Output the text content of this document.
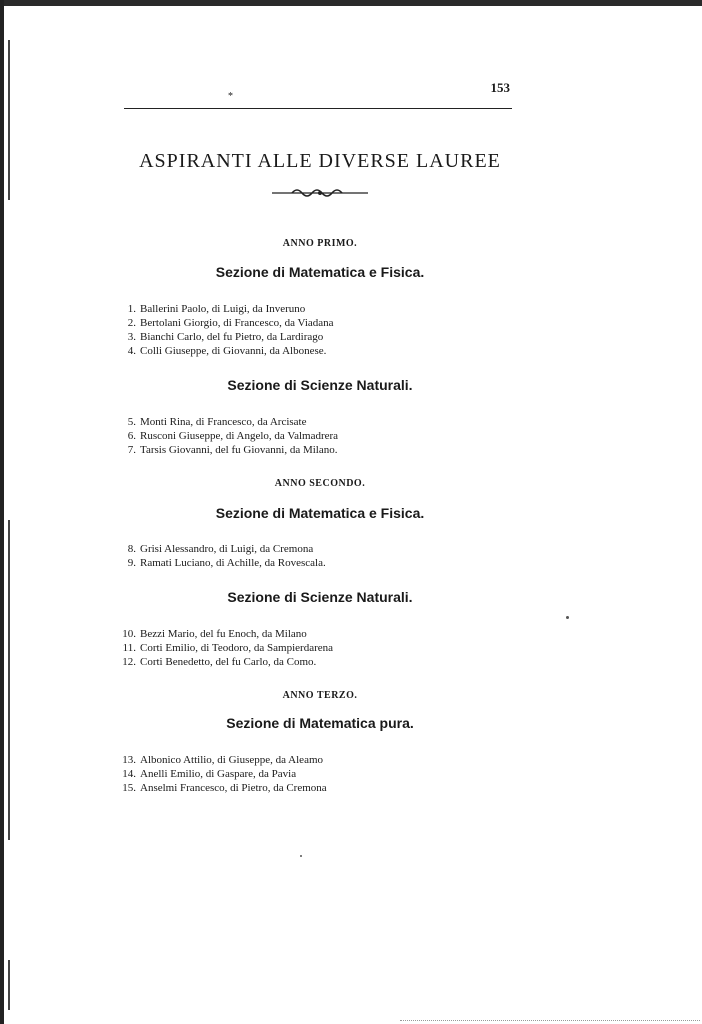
*
153
ASPIRANTI ALLE DIVERSE LAUREE
ANNO PRIMO.
Sezione di Matematica e Fisica.
1. Ballerini Paolo, di Luigi, da Inveruno
2. Bertolani Giorgio, di Francesco, da Viadana
3. Bianchi Carlo, del fu Pietro, da Lardirago
4. Colli Giuseppe, di Giovanni, da Albonese.
Sezione di Scienze Naturali.
5. Monti Rina, di Francesco, da Arcisate
6. Rusconi Giuseppe, di Angelo, da Valmadrera
7. Tarsis Giovanni, del fu Giovanni, da Milano.
ANNO SECONDO.
Sezione di Matematica e Fisica.
8. Grisi Alessandro, di Luigi, da Cremona
9. Ramati Luciano, di Achille, da Rovescala.
Sezione di Scienze Naturali.
10. Bezzi Mario, del fu Enoch, da Milano
11. Corti Emilio, di Teodoro, da Sampierdarena
12. Corti Benedetto, del fu Carlo, da Como.
ANNO TERZO.
Sezione di Matematica pura.
13. Albonico Attilio, di Giuseppe, da Aleamo
14. Anelli Emilio, di Gaspare, da Pavia
15. Anselmi Francesco, di Pietro, da Cremona
